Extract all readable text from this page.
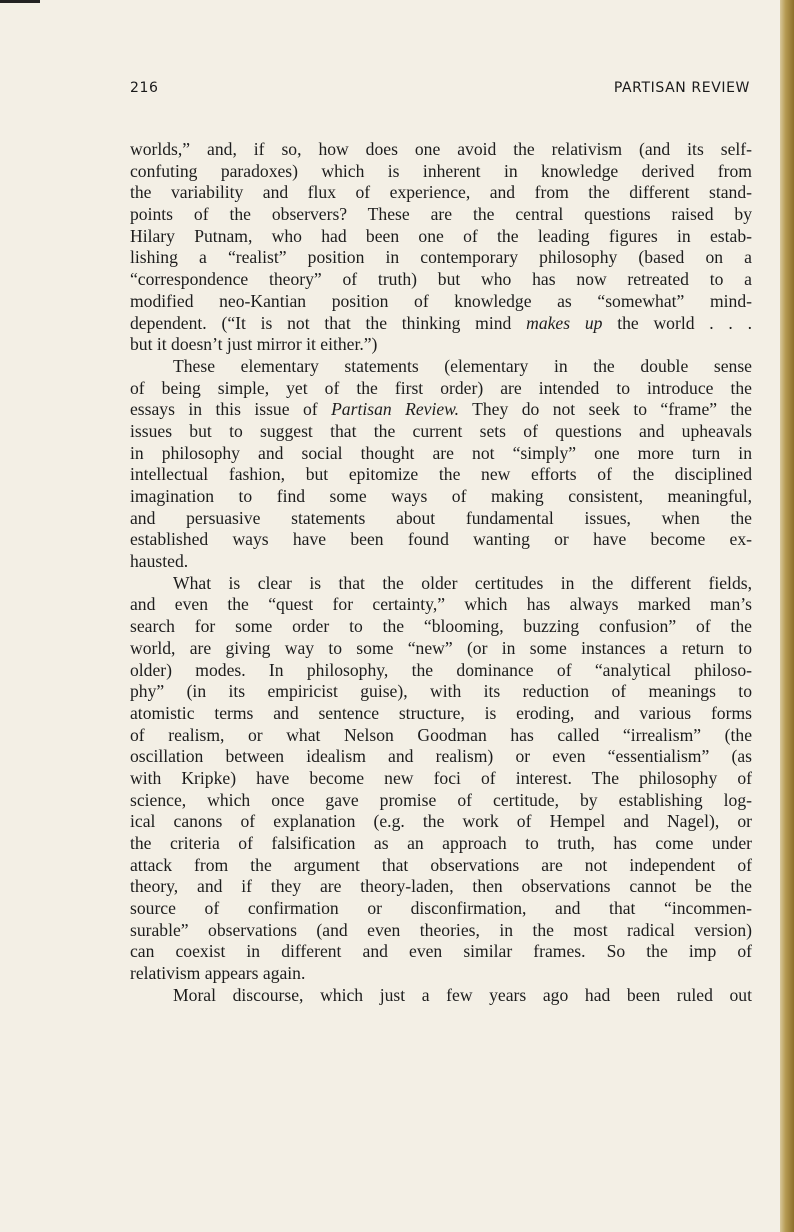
216	PARTISAN REVIEW
worlds,” and, if so, how does one avoid the relativism (and its self-
confuting paradoxes) which is inherent in knowledge derived from
the variability and flux of experience, and from the different stand-
points of the observers? These are the central questions raised by
Hilary Putnam, who had been one of the leading figures in estab-
lishing a “realist” position in contemporary philosophy (based on a
“correspondence theory” of truth) but who has now retreated to a
modified neo-Kantian position of knowledge as “somewhat” mind-
dependent. (“It is not that the thinking mind makes up the world . . .
but it doesn’t just mirror it either.”)
These elementary statements (elementary in the double sense
of being simple, yet of the first order) are intended to introduce the
essays in this issue of Partisan Review. They do not seek to “frame” the
issues but to suggest that the current sets of questions and upheavals
in philosophy and social thought are not “simply” one more turn in
intellectual fashion, but epitomize the new efforts of the disciplined
imagination to find some ways of making consistent, meaningful,
and persuasive statements about fundamental issues, when the
established ways have been found wanting or have become ex-
hausted.
What is clear is that the older certitudes in the different fields,
and even the “quest for certainty,” which has always marked man’s
search for some order to the “blooming, buzzing confusion” of the
world, are giving way to some “new” (or in some instances a return to
older) modes. In philosophy, the dominance of “analytical philoso-
phy” (in its empiricist guise), with its reduction of meanings to
atomistic terms and sentence structure, is eroding, and various forms
of realism, or what Nelson Goodman has called “irrealism” (the
oscillation between idealism and realism) or even “essentialism” (as
with Kripke) have become new foci of interest. The philosophy of
science, which once gave promise of certitude, by establishing log-
ical canons of explanation (e.g. the work of Hempel and Nagel), or
the criteria of falsification as an approach to truth, has come under
attack from the argument that observations are not independent of
theory, and if they are theory-laden, then observations cannot be the
source of confirmation or disconfirmation, and that “incommen-
surable” observations (and even theories, in the most radical version)
can coexist in different and even similar frames. So the imp of
relativism appears again.
Moral discourse, which just a few years ago had been ruled out
